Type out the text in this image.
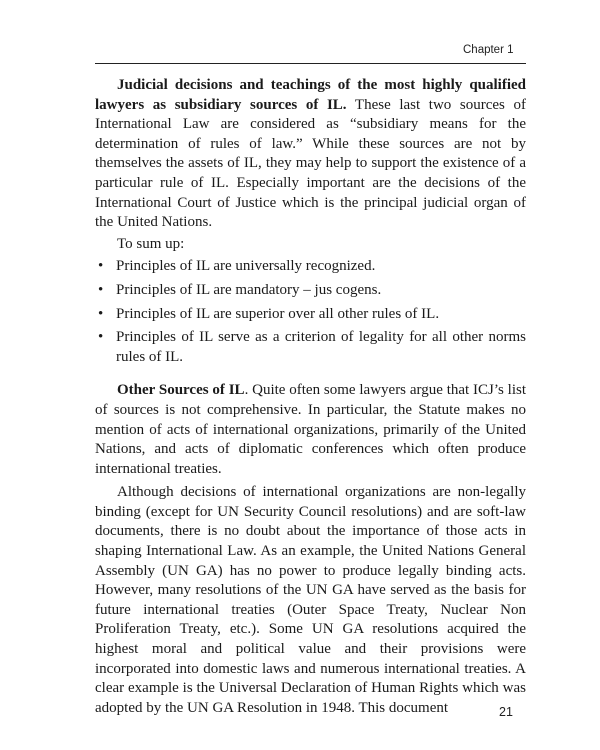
Chapter 1

Judicial decisions and teachings of the most highly qualified lawyers as subsidiary sources of IL. These last two sources of International Law are considered as “subsidiary means for the determination of rules of law.” While these sources are not by themselves the assets of IL, they may help to support the existence of a particular rule of IL. Especially important are the decisions of the International Court of Justice which is the principal judicial organ of the United Nations.

To sum up:

• Principles of IL are universally recognized.
• Principles of IL are mandatory – jus cogens.
• Principles of IL are superior over all other rules of IL.
• Principles of IL serve as a criterion of legality for all other norms rules of IL.

Other Sources of IL. Quite often some lawyers argue that ICJ’s list of sources is not comprehensive. In particular, the Statute makes no mention of acts of international organizations, primarily of the United Nations, and acts of diplomatic conferences which often produce international treaties.

Although decisions of international organizations are non-legally binding (except for UN Security Council resolutions) and are soft-law documents, there is no doubt about the importance of those acts in shaping International Law. As an example, the United Nations General Assembly (UN GA) has no power to produce legally binding acts. However, many resolutions of the UN GA have served as the basis for future international treaties (Outer Space Treaty, Nuclear Non Proliferation Treaty, etc.). Some UN GA resolutions acquired the highest moral and political value and their provisions were incorporated into domestic laws and numerous international treaties. A clear example is the Universal Declaration of Human Rights which was adopted by the UN GA Resolution in 1948. This document	21
